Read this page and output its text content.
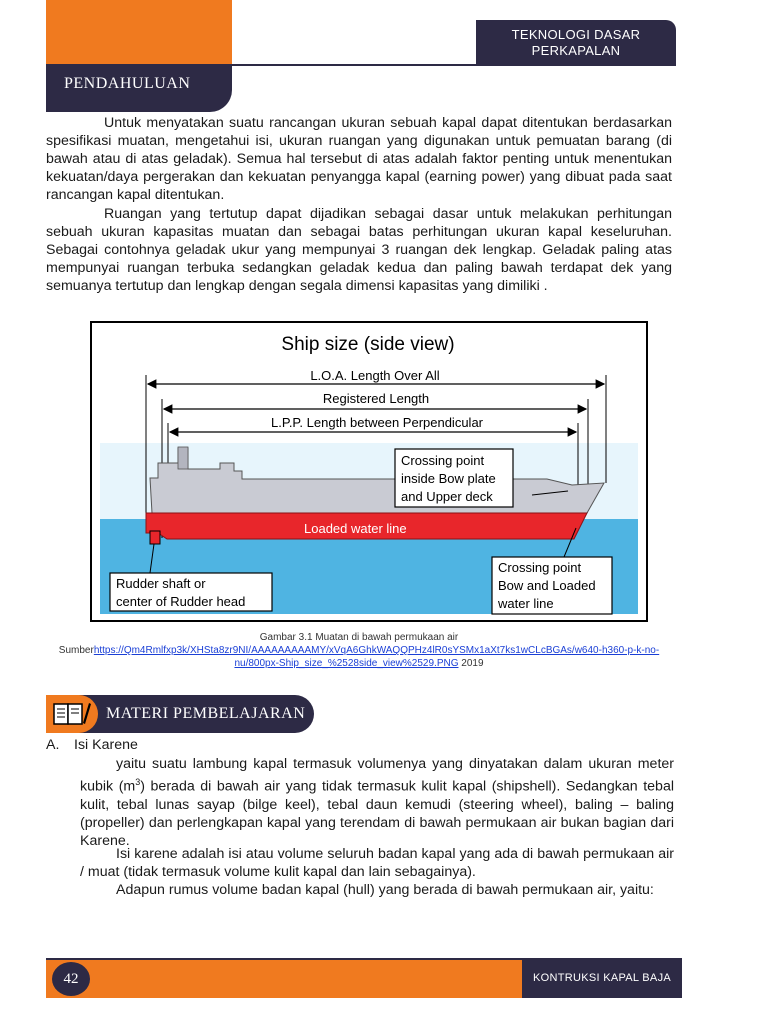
TEKNOLOGI DASAR
PERKAPALAN
PENDAHULUAN

Untuk menyatakan suatu rancangan ukuran sebuah kapal dapat ditentukan berdasarkan spesifikasi muatan, mengetahui isi, ukuran ruangan yang digunakan untuk pemuatan barang (di bawah atau di atas geladak). Semua hal tersebut di atas adalah faktor penting untuk menentukan kekuatan/daya pergerakan dan kekuatan penyangga kapal (earning power) yang dibuat pada saat rancangan kapal ditentukan.

Ruangan yang tertutup dapat dijadikan sebagai dasar untuk melakukan perhitungan sebuah ukuran kapasitas muatan dan sebagai batas perhitungan ukuran kapal keseluruhan. Sebagai contohnya geladak ukur yang mempunyai 3 ruangan dek lengkap. Geladak paling atas mempunyai ruangan terbuka sedangkan geladak kedua dan paling bawah terdapat dek yang semuanya tertutup dan lengkap dengan segala dimensi kapasitas yang dimiliki .

Ship size (side view)
L.O.A. Length Over All
Registered Length
L.P.P. Length between Perpendicular
Loaded water line
Crossing point
inside Bow plate
and Upper deck
Rudder shaft or
center of Rudder head
Crossing point
Bow and Loaded
water line
Gambar 3.1 Muatan di bawah permukaan air
Sumberhttps://Qm4Rmlfxp3k/XHSta8zr9NI/AAAAAAAAAMY/xVqA6GhkWAQQPHz4lR0sYSMx1aXt7ks1wCLcBGAs/w640-h360-p-k-no-nu/800px-Ship_size_%2528side_view%2529.PNG 2019
MATERI PEMBELAJARAN
A. Isi Karene

yaitu suatu lambung kapal termasuk volumenya yang dinyatakan dalam ukuran meter kubik $(m^3)$ berada di bawah air yang tidak termasuk kulit kapal (shipshell). Sedangkan tebal kulit, tebal lunas sayap (bilge keel), tebal daun kemudi (steering wheel), baling – baling (propeller) dan perlengkapan kapal yang terendam di bawah permukaan air bukan bagian dari Karene.

Isi karene adalah isi atau volume seluruh badan kapal yang ada di bawah permukaan air / muat (tidak termasuk volume kulit kapal dan lain sebagainya).

Adapun rumus volume badan kapal (hull) yang berada di bawah permukaan air, yaitu:

KONTRUKSI KAPAL BAJA
42
